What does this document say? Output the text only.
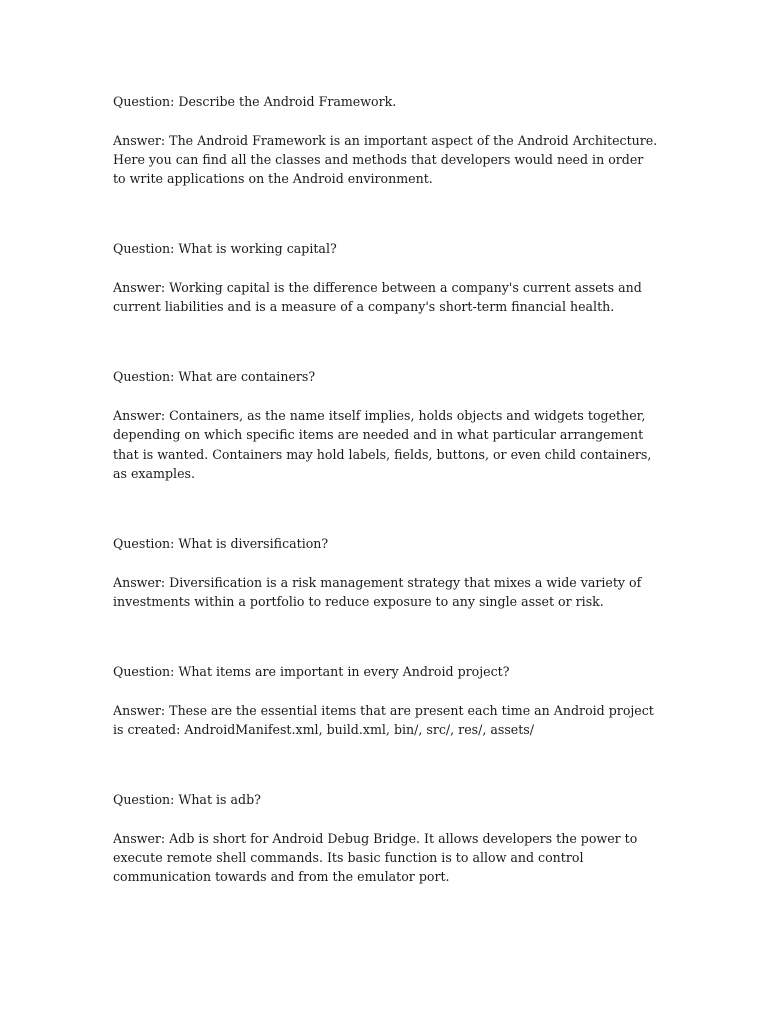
Question: Describe the Android Framework.

Answer: The Android Framework is an important aspect of the Android Architecture. Here you can find all the classes and methods that developers would need in order to write applications on the Android environment.

Question: What is working capital?

Answer: Working capital is the difference between a company's current assets and current liabilities and is a measure of a company's short-term financial health.

Question: What are containers?

Answer: Containers, as the name itself implies, holds objects and widgets together, depending on which specific items are needed and in what particular arrangement that is wanted. Containers may hold labels, fields, buttons, or even child containers, as examples.

Question: What is diversification?

Answer: Diversification is a risk management strategy that mixes a wide variety of investments within a portfolio to reduce exposure to any single asset or risk.

Question: What items are important in every Android project?

Answer: These are the essential items that are present each time an Android project is created: AndroidManifest.xml, build.xml, bin/, src/, res/, assets/

Question: What is adb?

Answer: Adb is short for Android Debug Bridge. It allows developers the power to execute remote shell commands. Its basic function is to allow and control communication towards and from the emulator port.
